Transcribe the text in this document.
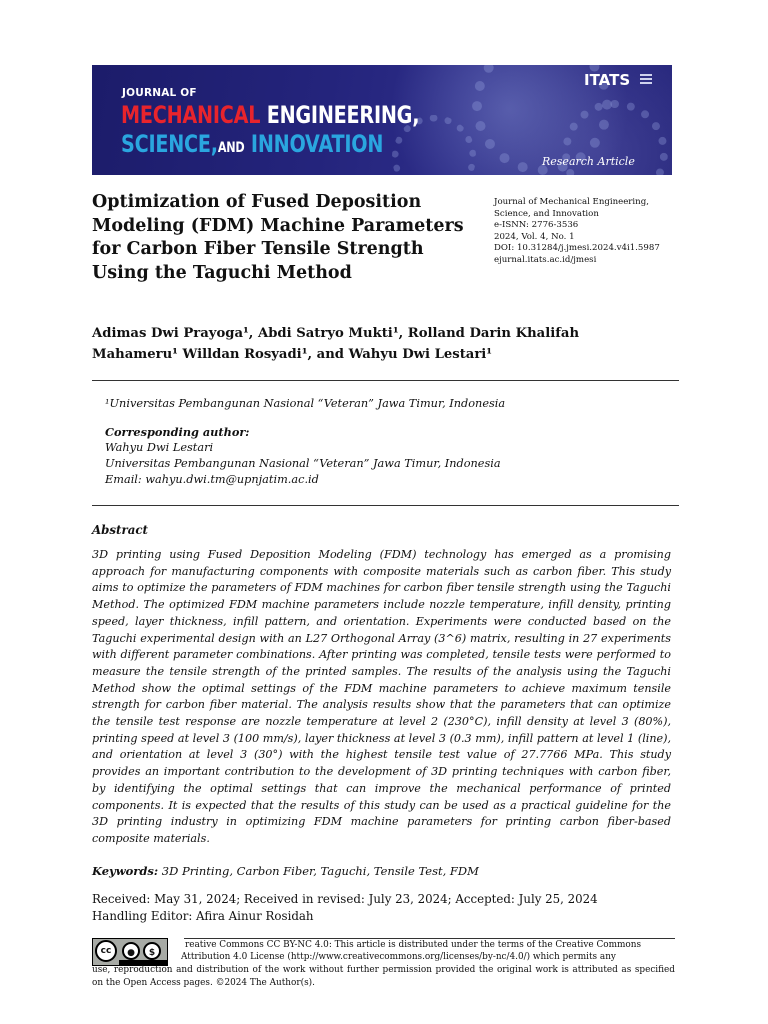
JOURNAL OF
MECHANICAL ENGINEERING,
SCIENCE,AND INNOVATION
ITATS
Research Article
Optimization of Fused Deposition Modeling (FDM) Machine Parameters for Carbon Fiber Tensile Strength Using the Taguchi Method
Journal of Mechanical Engineering,
Science, and Innovation
e-ISNN: 2776-3536
2024, Vol. 4, No. 1
DOI: 10.31284/j.jmesi.2024.v4i1.5987
ejurnal.itats.ac.id/jmesi
Adimas Dwi Prayoga¹, Abdi Satryo Mukti¹, Rolland Darin Khalifah
Mahameru¹ Willdan Rosyadi¹, and Wahyu Dwi Lestari¹
¹Universitas Pembangunan Nasional “Veteran” Jawa Timur, Indonesia
Corresponding author:
Wahyu Dwi Lestari
Universitas Pembangunan Nasional “Veteran” Jawa Timur, Indonesia
Email: wahyu.dwi.tm@upnjatim.ac.id
Abstract

3D printing using Fused Deposition Modeling (FDM) technology has emerged as a promising approach for manufacturing components with composite materials such as carbon fiber. This study aims to optimize the parameters of FDM machines for carbon fiber tensile strength using the Taguchi Method. The optimized FDM machine parameters include nozzle temperature, infill density, printing speed, layer thickness, infill pattern, and orientation. Experiments were conducted based on the Taguchi experimental design with an L27 Orthogonal Array (3^6) matrix, resulting in 27 experiments with different parameter combinations. After printing was completed, tensile tests were performed to measure the tensile strength of the printed samples. The results of the analysis using the Taguchi Method show the optimal settings of the FDM machine parameters to achieve maximum tensile strength for carbon fiber material. The analysis results show that the parameters that can optimize the tensile test response are nozzle temperature at level 2 (230°C), infill density at level 3 (80%), printing speed at level 3 (100 mm/s), layer thickness at level 3 (0.3 mm), infill pattern at level 1 (line), and orientation at level 3 (30°) with the highest tensile test value of 27.7766 MPa. This study provides an important contribution to the development of 3D printing techniques with carbon fiber, by identifying the optimal settings that can improve the mechanical performance of printed components. It is expected that the results of this study can be used as a practical guideline for the 3D printing industry in optimizing FDM machine parameters for printing carbon fiber-based composite materials.

Keywords: 3D Printing, Carbon Fiber, Taguchi, Tensile Test, FDM
Received: May 31, 2024; Received in revised: July 23, 2024; Accepted: July 25, 2024
Handling Editor: Afira Ainur Rosidah
cc	●	$
reative Commons CC BY-NC 4.0: This article is distributed under the terms of the Creative Commons
Attribution 4.0 License (http://www.creativecommons.org/licenses/by-nc/4.0/) which permits any

use, reproduction and distribution of the work without further permission provided the original work is attributed as specified on the Open Access pages. ©2024 The Author(s).
